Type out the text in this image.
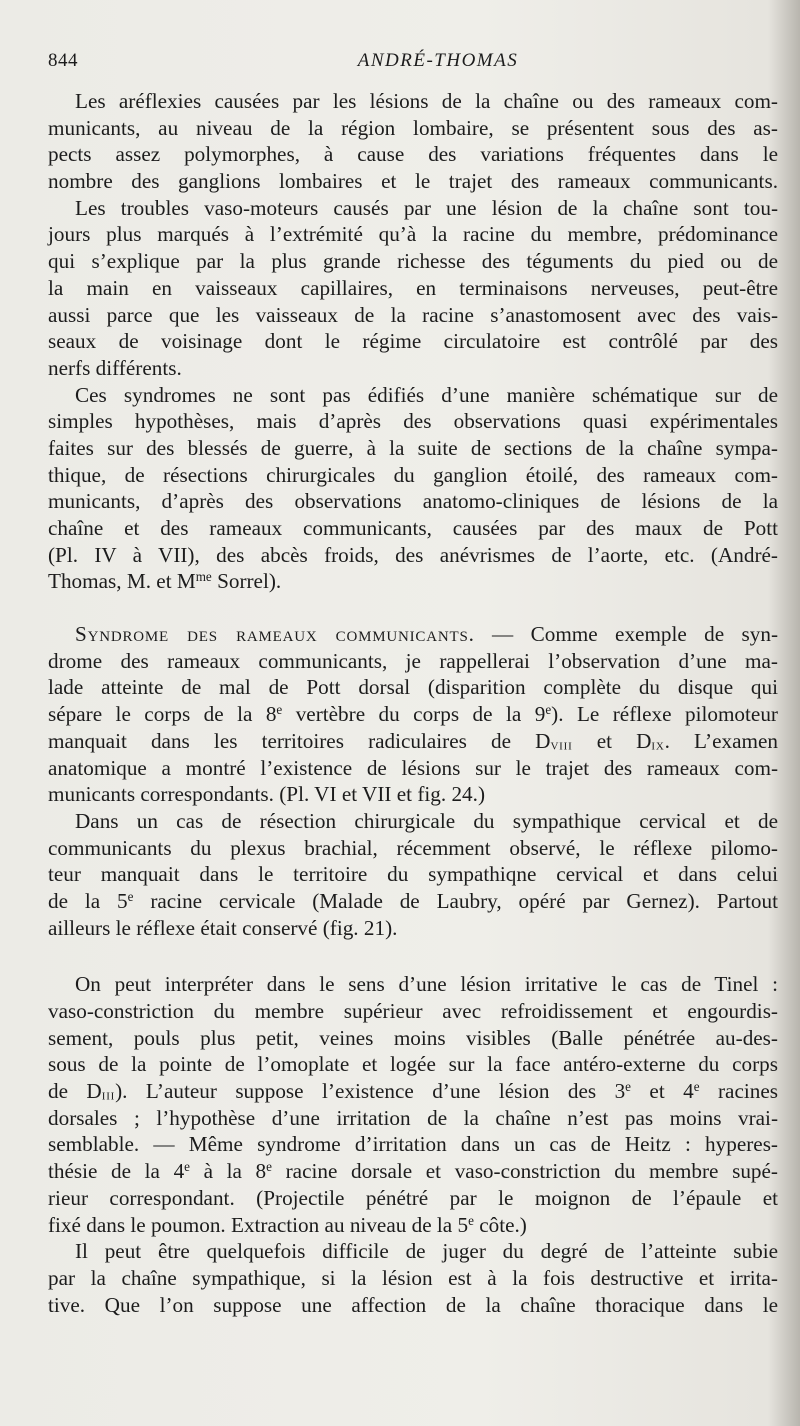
844	ANDRÉ-THOMAS
Les aréflexies causées par les lésions de la chaîne ou des rameaux com-
municants, au niveau de la région lombaire, se présentent sous des as-
pects assez polymorphes, à cause des variations fréquentes dans le
nombre des ganglions lombaires et le trajet des rameaux communicants.
Les troubles vaso-moteurs causés par une lésion de la chaîne sont tou-
jours plus marqués à l’extrémité qu’à la racine du membre, prédominance
qui s’explique par la plus grande richesse des téguments du pied ou de
la main en vaisseaux capillaires, en terminaisons nerveuses, peut-être
aussi parce que les vaisseaux de la racine s’anastomosent avec des vais-
seaux de voisinage dont le régime circulatoire est contrôlé par des
nerfs différents.
Ces syndromes ne sont pas édifiés d’une manière schématique sur de
simples hypothèses, mais d’après des observations quasi expérimentales
faites sur des blessés de guerre, à la suite de sections de la chaîne sympa-
thique, de résections chirurgicales du ganglion étoilé, des rameaux com-
municants, d’après des observations anatomo-cliniques de lésions de la
chaîne et des rameaux communicants, causées par des maux de Pott
(Pl. IV à VII), des abcès froids, des anévrismes de l’aorte, etc. (André-
Thomas, M. et $M^{me}$ Sorrel).
Syndrome des rameaux communicants. — Comme exemple de syn-
drome des rameaux communicants, je rappellerai l’observation d’une ma-
lade atteinte de mal de Pott dorsal (disparition complète du disque qui
sépare le corps de la 8e vertèbre du corps de la 9e). Le réflexe pilomoteur
manquait dans les territoires radiculaires de $D_{viii}$ et $D_{ix}$. L’examen
anatomique a montré l’existence de lésions sur le trajet des rameaux com-
municants correspondants. (Pl. VI et VII et fig. 24.)
Dans un cas de résection chirurgicale du sympathique cervical et de
communicants du plexus brachial, récemment observé, le réflexe pilomo-
teur manquait dans le territoire du sympathiqne cervical et dans celui
de la 5e racine cervicale (Malade de Laubry, opéré par Gernez). Partout
ailleurs le réflexe était conservé (fig. 21).
On peut interpréter dans le sens d’une lésion irritative le cas de Tinel :
vaso-constriction du membre supérieur avec refroidissement et engourdis-
sement, pouls plus petit, veines moins visibles (Balle pénétrée au-des-
sous de la pointe de l’omoplate et logée sur la face antéro-externe du corps
de $D_{iii}$). L’auteur suppose l’existence d’une lésion des 3e et 4e racines
dorsales ; l’hypothèse d’une irritation de la chaîne n’est pas moins vrai-
semblable. — Même syndrome d’irritation dans un cas de Heitz : hyperes-
thésie de la 4e à la 8e racine dorsale et vaso-constriction du membre supé-
rieur correspondant. (Projectile pénétré par le moignon de l’épaule et
fixé dans le poumon. Extraction au niveau de la 5e côte.)
Il peut être quelquefois difficile de juger du degré de l’atteinte subie
par la chaîne sympathique, si la lésion est à la fois destructive et irrita-
tive. Que l’on suppose une affection de la chaîne thoracique dans le
